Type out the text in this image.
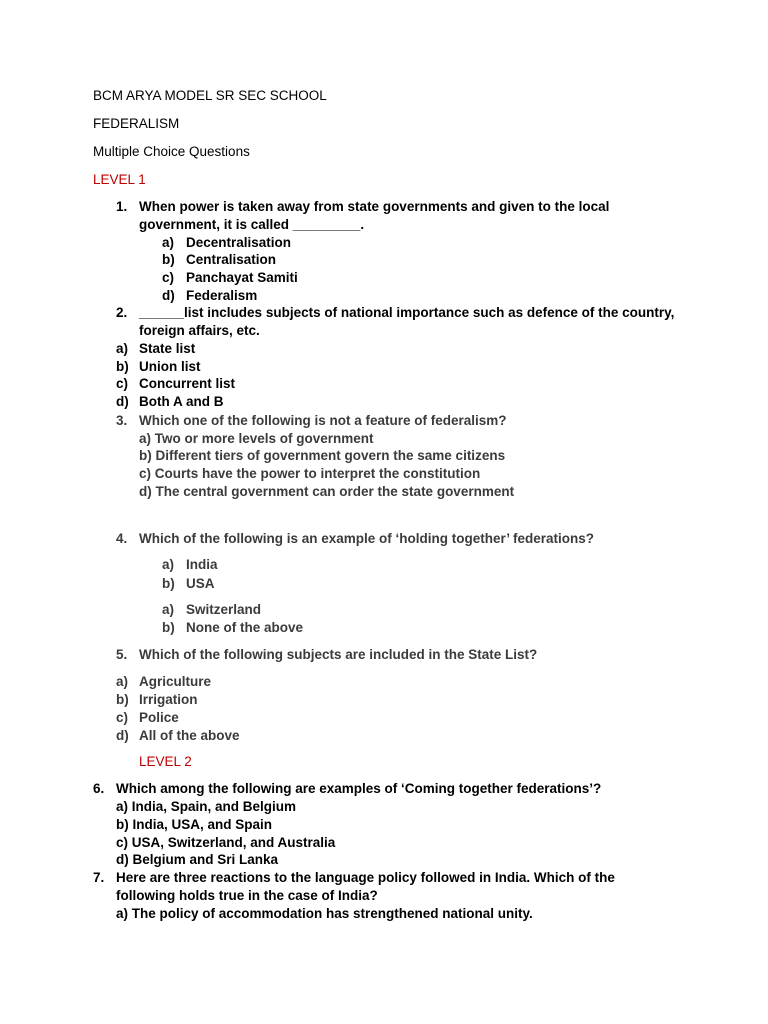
BCM ARYA MODEL SR SEC SCHOOL
FEDERALISM
Multiple Choice Questions
LEVEL 1
1. When power is taken away from state governments and given to the local
government, it is called _________.
a) Decentralisation
b) Centralisation
c) Panchayat Samiti
d) Federalism
2. ______list includes subjects of national importance such as defence of the country,
foreign affairs, etc.
a) State list
b) Union list
c) Concurrent list
d) Both A and B
3. Which one of the following is not a feature of federalism?
a) Two or more levels of government
b) Different tiers of government govern the same citizens
c) Courts have the power to interpret the constitution
d) The central government can order the state government
4. Which of the following is an example of ‘holding together’ federations?
a) India
b) USA
a) Switzerland
b) None of the above
5. Which of the following subjects are included in the State List?
a) Agriculture
b) Irrigation
c) Police
d) All of the above
LEVEL 2
6. Which among the following are examples of ‘Coming together federations’?
a) India, Spain, and Belgium
b) India, USA, and Spain
c) USA, Switzerland, and Australia
d) Belgium and Sri Lanka
7. Here are three reactions to the language policy followed in India. Which of the
following holds true in the case of India?
a) The policy of accommodation has strengthened national unity.
